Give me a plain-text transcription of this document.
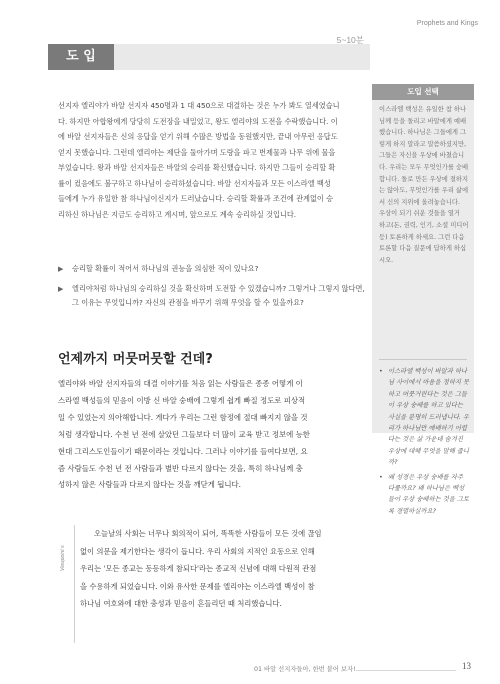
Prophets and Kings
도 입
5~10분
선지자 엘리야가 바알 선지자 450명과 1 대 450으로 대결하는 것은 누가 봐도 열세였습니
다. 하지만 아합왕에게 당당히 도전장을 내밀었고, 왕도 엘리야의 도전을 수락했습니다. 이
에 바알 선지자들은 신의 응답을 얻기 위해 수많은 방법을 동원했지만, 끝내 아무런 응답도
얻지 못했습니다. 그런데 엘리야는 제단을 둘아가며 도랑을 파고 번제물과 나무 위에 물을
부었습니다. 왕과 바알 선지자들은 바알의 승리를 확신했습니다. 하지만 그들이 승리할 확
률이 컸음에도 불구하고 하나님이 승리하셨습니다. 바알 선지자들과 모든 이스라엘 백성
들에게 누가 유일한 참 하나님이신지가 드러났습니다. 승리할 확률과 조건에 관계없이 승
리하신 하나님은 지금도 승리하고 계시며, 앞으로도 계속 승리하실 것입니다.
▶ 승리할 확률이 적어서 하나님의 권능을 의심한 적이 있나요?
▶ 엘리야처럼 하나님의 승리하실 것을 확신하며 도전할 수 있겠습니까? 그렇거나 그렇지 않다면, 그 이유는 무엇입니까? 자신의 관점을 바꾸기 위해 무엇을 할 수 있을까요?
언제까지 머뭇머뭇할 건데?
엘리야와 바알 선지자들의 대결 이야기를 처음 읽는 사람들은 종종 어떻게 이
스라엘 백성들의 믿음이 이방 신 바알 숭배에 그렇게 쉽게 빠질 정도로 피상적
일 수 있었는지 의아해합니다. 게다가 우리는 그런 함정에 절대 빠지지 않을 것
처럼 생각합니다. 수천 년 전에 살았던 그들보다 더 많이 교육 받고 정보에 능한
현대 그리스도인들이기 때문이라는 것입니다. 그러나 이야기를 들여다보면, 요
즘 사람들도 수천 년 전 사람들과 별반 다르지 않다는 것을, 특히 하나님께 충
성하지 않은 사람들과 다르지 않다는 것을 깨닫게 됩니다.
Viewpoint ≡
오늘날의 사회는 너무나 회의적이 되어, 똑똑한 사람들이 모든 것에 끊임
없이 의문을 제기한다는 생각이 듭니다. 우리 사회의 지적인 요동으로 인해
우리는 '모든 종교는 동등하게 참되다'라는 종교적 신념에 대해 다원적 관점
을 수용하게 되었습니다. 이와 유사한 문제를 엘리야는 이스라엘 백성이 참
하나님 여호와에 대한 충성과 믿음이 흔들리던 때 처리했습니다.
도입 선택
이스라엘 백성은 유일한 참 하나
님께 등을 돌리고 바알에게 예배
했습니다. 하나님은 그들에게 그
렇게 하지 말라고 말씀하셨지만,
그들은 자신을 우상에 바쳤습니
다. 우리는 모두 무엇인가를 숭배
합니다. 돌로 만든 우상에 절하지
는 않아도, 무엇인가를 우리 삶에
서 신의 지위에 올려놓습니다.
우상이 되기 쉬운 것들을 열거
하고(돈, 권력, 인기, 소셜 미디어
등) 토론하게 하세요. 그런 다음
토론할 다음 질문에 답하게 하십
시오.
• 이스라엘 백성이 바알과 하나님 사이에서 마음을 정하지 못하고 머뭇거린다는 것은 그들이 우상 숭배를 하고 있다는 사실을 분명히 드러냅니다. 우리가 하나님만 예배하기 어렵다는 것은 삶 가운데 숨겨진 우상에 대해 무엇을 말해 줍니까?
• 왜 성경은 우상 숭배를 자주 다룰까요? 왜 하나님은 백성들이 우상 숭배하는 것을 그토록 경멸하실까요?
01 바알 선지자들아, 한번 붙어 보자!	13
